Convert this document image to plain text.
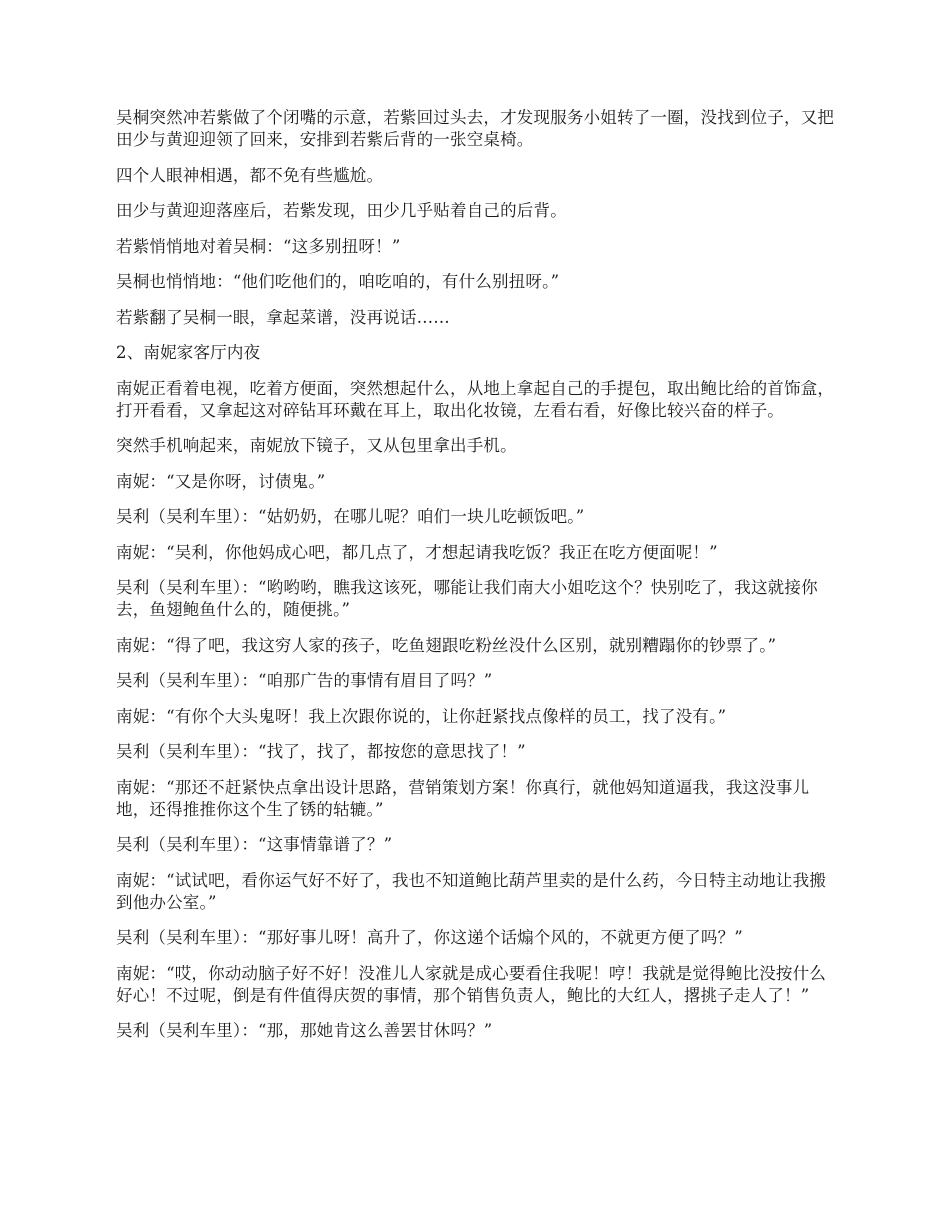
吴桐突然冲若紫做了个闭嘴的示意，若紫回过头去，才发现服务小姐转了一圈，没找到位子，又把田少与黄迎迎领了回来，安排到若紫后背的一张空桌椅。

四个人眼神相遇，都不免有些尴尬。

田少与黄迎迎落座后，若紫发现，田少几乎贴着自己的后背。

若紫悄悄地对着吴桐：“这多别扭呀！”

吴桐也悄悄地：“他们吃他们的，咱吃咱的，有什么别扭呀。”

若紫翻了吴桐一眼，拿起菜谱，没再说话……

2、南妮家客厅内夜

南妮正看着电视，吃着方便面，突然想起什么，从地上拿起自己的手提包，取出鲍比给的首饰盒，打开看看，又拿起这对碎钻耳环戴在耳上，取出化妆镜，左看右看，好像比较兴奋的样子。

突然手机响起来，南妮放下镜子，又从包里拿出手机。

南妮：“又是你呀，讨债鬼。”

吴利（吴利车里）：“姑奶奶，在哪儿呢？咱们一块儿吃顿饭吧。”

南妮：“吴利，你他妈成心吧，都几点了，才想起请我吃饭？我正在吃方便面呢！”

吴利（吴利车里）：“哟哟哟，瞧我这该死，哪能让我们南大小姐吃这个？快别吃了，我这就接你去，鱼翅鲍鱼什么的，随便挑。”

南妮：“得了吧，我这穷人家的孩子，吃鱼翅跟吃粉丝没什么区别，就别糟蹋你的钞票了。”

吴利（吴利车里）：“咱那广告的事情有眉目了吗？”

南妮：“有你个大头鬼呀！我上次跟你说的，让你赶紧找点像样的员工，找了没有。”

吴利（吴利车里）：“找了，找了，都按您的意思找了！”

南妮：“那还不赶紧快点拿出设计思路，营销策划方案！你真行，就他妈知道逼我，我这没事儿地，还得推推你这个生了锈的轱辘。”

吴利（吴利车里）：“这事情靠谱了？”

南妮：“试试吧，看你运气好不好了，我也不知道鲍比葫芦里卖的是什么药，今日特主动地让我搬到他办公室。”

吴利（吴利车里）：“那好事儿呀！高升了，你这递个话煽个风的，不就更方便了吗？”

南妮：“哎，你动动脑子好不好！没准儿人家就是成心要看住我呢！哼！我就是觉得鲍比没按什么好心！不过呢，倒是有件值得庆贺的事情，那个销售负责人，鲍比的大红人，撂挑子走人了！”

吴利（吴利车里）：“那，那她肯这么善罢甘休吗？”
